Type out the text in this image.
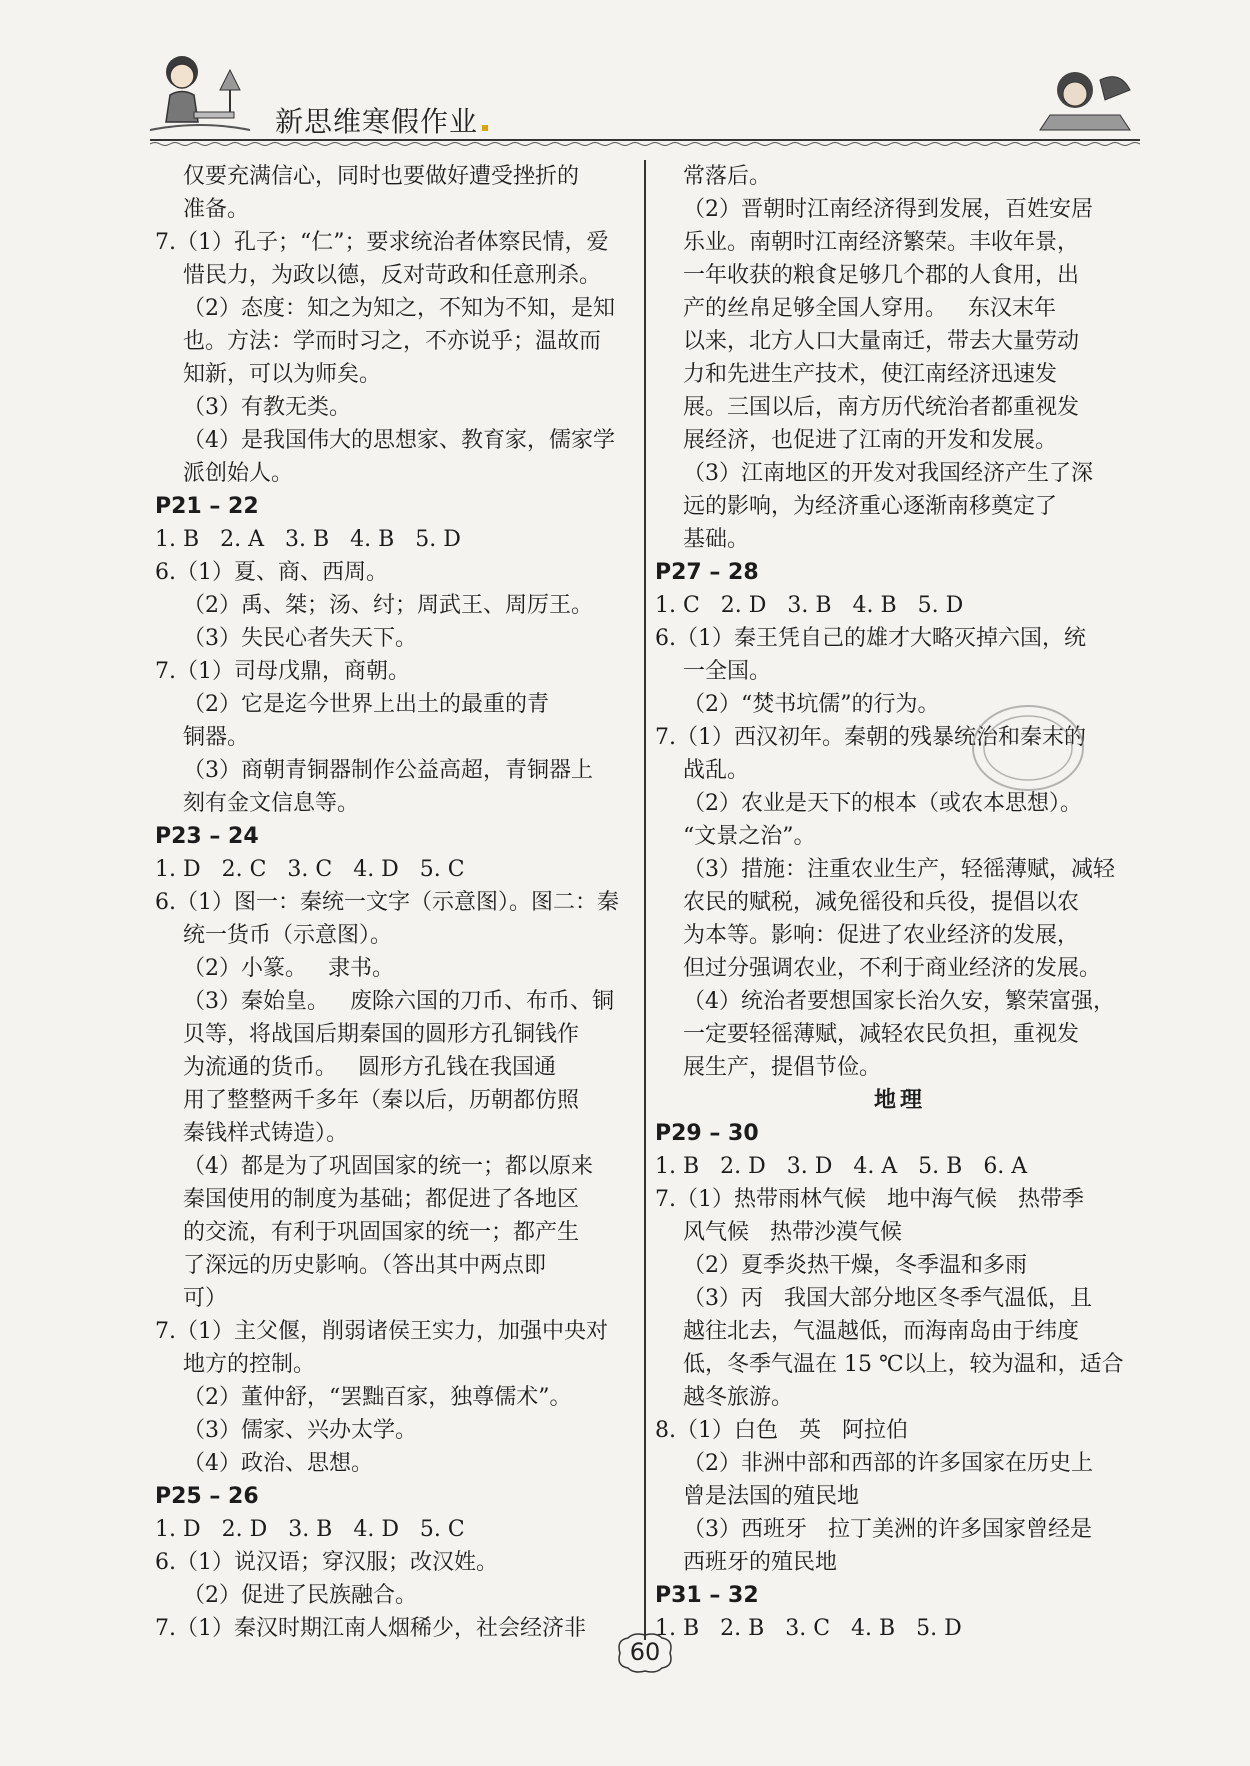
新思维寒假作业
仅要充满信心，同时也要做好遭受挫折的
准备。
7.（1）孔子；“仁”；要求统治者体察民情，爱
惜民力，为政以德，反对苛政和任意刑杀。
（2）态度：知之为知之，不知为不知，是知
也。方法：学而时习之，不亦说乎；温故而
知新，可以为师矣。
（3）有教无类。
（4）是我国伟大的思想家、教育家，儒家学
派创始人。
P21 – 22
1. B   2. A   3. B   4. B   5. D
6.（1）夏、商、西周。
（2）禹、桀；汤、纣；周武王、周厉王。
（3）失民心者失天下。
7.（1）司母戊鼎，商朝。
（2）它是迄今世界上出土的最重的青
铜器。
（3）商朝青铜器制作公益高超，青铜器上
刻有金文信息等。
P23 – 24
1. D   2. C   3. C   4. D   5. C
6.（1）图一：秦统一文字（示意图）。图二：秦
统一货币（示意图）。
（2）小篆。   隶书。
（3）秦始皇。   废除六国的刀币、布币、铜
贝等，将战国后期秦国的圆形方孔铜钱作
为流通的货币。   圆形方孔钱在我国通
用了整整两千多年（秦以后，历朝都仿照
秦钱样式铸造）。
（4）都是为了巩固国家的统一；都以原来
秦国使用的制度为基础；都促进了各地区
的交流，有利于巩固国家的统一；都产生
了深远的历史影响。（答出其中两点即
可）
7.（1）主父偃，削弱诸侯王实力，加强中央对
地方的控制。
（2）董仲舒，“罢黜百家，独尊儒术”。
（3）儒家、兴办太学。
（4）政治、思想。
P25 – 26
1. D   2. D   3. B   4. D   5. C
6.（1）说汉语；穿汉服；改汉姓。
（2）促进了民族融合。
7.（1）秦汉时期江南人烟稀少，社会经济非
常落后。
（2）晋朝时江南经济得到发展，百姓安居
乐业。南朝时江南经济繁荣。丰收年景，
一年收获的粮食足够几个郡的人食用，出
产的丝帛足够全国人穿用。   东汉末年
以来，北方人口大量南迁，带去大量劳动
力和先进生产技术，使江南经济迅速发
展。三国以后，南方历代统治者都重视发
展经济，也促进了江南的开发和发展。
（3）江南地区的开发对我国经济产生了深
远的影响，为经济重心逐渐南移奠定了
基础。
P27 – 28
1. C   2. D   3. B   4. B   5. D
6.（1）秦王凭自己的雄才大略灭掉六国，统
一全国。
（2）“焚书坑儒”的行为。
7.（1）西汉初年。秦朝的残暴统治和秦末的
战乱。
（2）农业是天下的根本（或农本思想）。
“文景之治”。
（3）措施：注重农业生产，轻徭薄赋，减轻
农民的赋税，减免徭役和兵役，提倡以农
为本等。影响：促进了农业经济的发展，
但过分强调农业，不利于商业经济的发展。
（4）统治者要想国家长治久安，繁荣富强，
一定要轻徭薄赋，减轻农民负担，重视发
展生产，提倡节俭。
地理
P29 – 30
1. B   2. D   3. D   4. A   5. B   6. A
7.（1）热带雨林气候   地中海气候   热带季
风气候   热带沙漠气候
（2）夏季炎热干燥，冬季温和多雨
（3）丙   我国大部分地区冬季气温低，且
越往北去，气温越低，而海南岛由于纬度
低，冬季气温在 15 ℃以上，较为温和，适合
越冬旅游。
8.（1）白色   英   阿拉伯
（2）非洲中部和西部的许多国家在历史上
曾是法国的殖民地
（3）西班牙   拉丁美洲的许多国家曾经是
西班牙的殖民地
P31 – 32
1. B   2. B   3. C   4. B   5. D
60
